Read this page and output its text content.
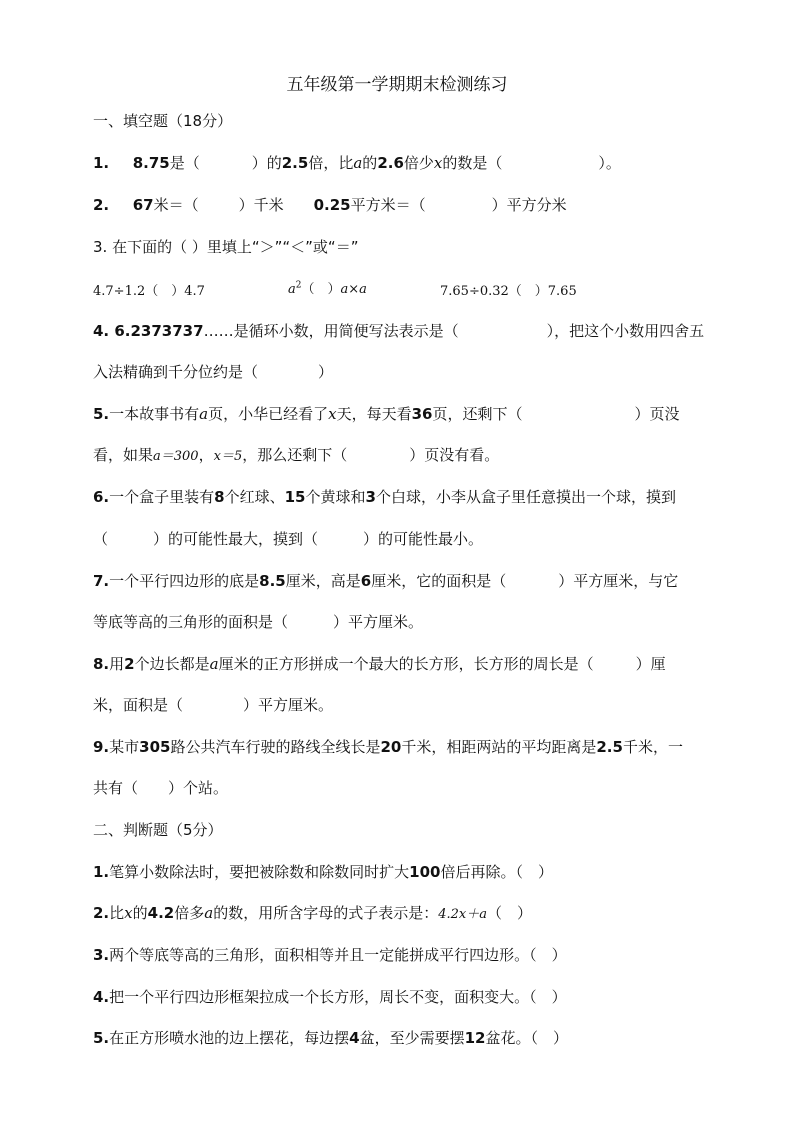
五年级第一学期期末检测练习
一、填空题（18分）
1. 8.75是（	）的2.5倍，比a的2.6倍少x的数是（	）。
2. 67米＝（	）千米 0.25平方米＝（	）平方分米
3. 在下面的（ ）里填上“＞”“＜”或“＝”
4.7÷1.2（　）4.7	$a^2$（　）a×a	7.65÷0.32（　）7.65
4. 6.2373737……是循环小数，用简便写法表示是（	），把这个小数用四舍五
入法精确到千分位约是（　　　　）
5.一本故事书有a页，小华已经看了x天，每天看36页，还剩下（	）页没
看，如果a＝300，x＝5，那么还剩下（	）页没有看。
6.一个盒子里装有8个红球、15个黄球和3个白球，小李从盒子里任意摸出一个球，摸到
（　　　）的可能性最大，摸到（　　　）的可能性最小。
7.一个平行四边形的底是8.5厘米，高是6厘米，它的面积是（	）平方厘米，与它
等底等高的三角形的面积是（　　　）平方厘米。
8.用2个边长都是a厘米的正方形拼成一个最大的长方形，长方形的周长是（	）厘
米，面积是（　　　　）平方厘米。
9.某市305路公共汽车行驶的路线全线长是20千米，相距两站的平均距离是2.5千米，一
共有（　　）个站。
二、判断题（5分）
1.笔算小数除法时，要把被除数和除数同时扩大100倍后再除。（　）
2.比x的4.2倍多a的数，用所含字母的式子表示是：4.2x＋a（　）
3.两个等底等高的三角形，面积相等并且一定能拼成平行四边形。（　）
4.把一个平行四边形框架拉成一个长方形，周长不变，面积变大。（　）
5.在正方形喷水池的边上摆花，每边摆4盆，至少需要摆12盆花。（　）
